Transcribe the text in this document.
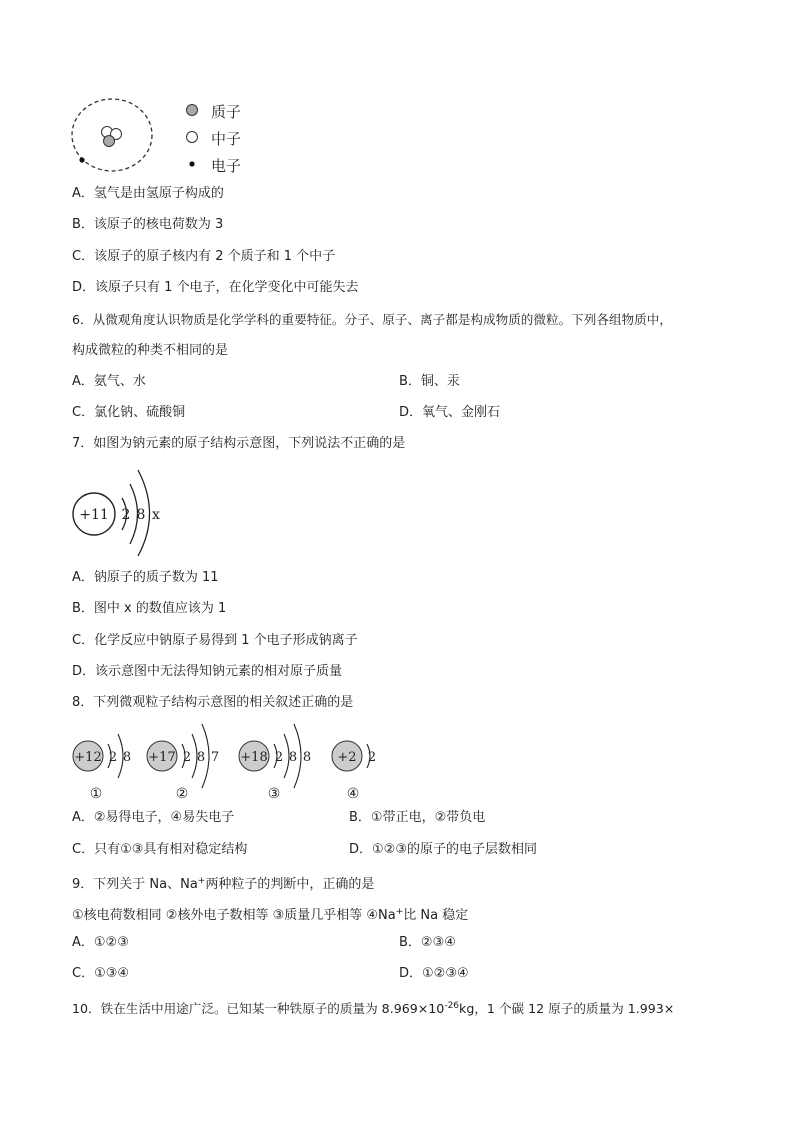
质子
中子
电子
A．氢气是由氢原子构成的
B．该原子的核电荷数为 3
C．该原子的原子核内有 2 个质子和 1 个中子
D．该原子只有 1 个电子，在化学变化中可能失去
6．从微观角度认识物质是化学学科的重要特征。分子、原子、离子都是构成物质的微粒。下列各组物质中，
构成微粒的种类不相同的是
A．氨气、水	B．铜、汞
C．氯化钠、硫酸铜	D．氧气、金刚石
7．如图为钠元素的原子结构示意图，下列说法不正确的是
+11 2 8 x
A．钠原子的质子数为 11
B．图中 x 的数值应该为 1
C．化学反应中钠原子易得到 1 个电子形成钠离子
D．该示意图中无法得知钠元素的相对原子质量
8．下列微观粒子结构示意图的相关叙述正确的是
+12 2 8
①
+17 2 8 7
②
+18 2 8 8
③
+2 2
④
A．②易得电子，④易失电子	B．①带正电，②带负电
C．只有①③具有相对稳定结构	D．①②③的原子的电子层数相同
9．下列关于 Na、Na+两种粒子的判断中，正确的是
①核电荷数相同 ②核外电子数相等 ③质量几乎相等 ④Na+比 Na 稳定
A．①②③	B．②③④
C．①③④	D．①②③④
10．铁在生活中用途广泛。已知某一种铁原子的质量为 $8.969\times 10^{-26}kg$，1 个碳 12 原子的质量为 1.993×
